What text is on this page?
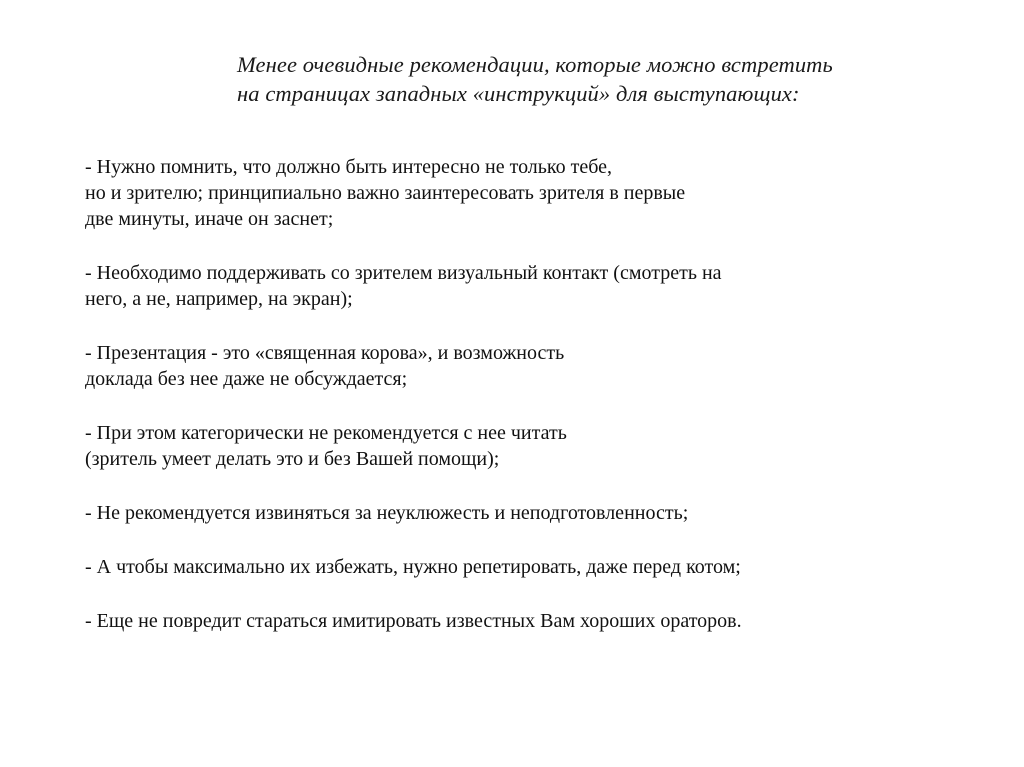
Менее очевидные рекомендации, которые можно встретить
на страницах западных «инструкций» для выступающих:

- Нужно помнить, что должно быть интересно не только тебе,
но и зрителю; принципиально важно заинтересовать зрителя в первые
две минуты, иначе он заснет;

- Необходимо поддерживать со зрителем визуальный контакт (смотреть на
него, а не, например, на экран);

- Презентация - это «священная корова», и возможность
доклада без нее даже не обсуждается;

- При этом категорически не рекомендуется с нее читать
(зритель умеет делать это и без Вашей помощи);

- Не рекомендуется извиняться за неуклюжесть и неподготовленность;

- А чтобы максимально их избежать, нужно репетировать, даже перед котом;

- Еще не повредит стараться имитировать известных Вам хороших ораторов.
